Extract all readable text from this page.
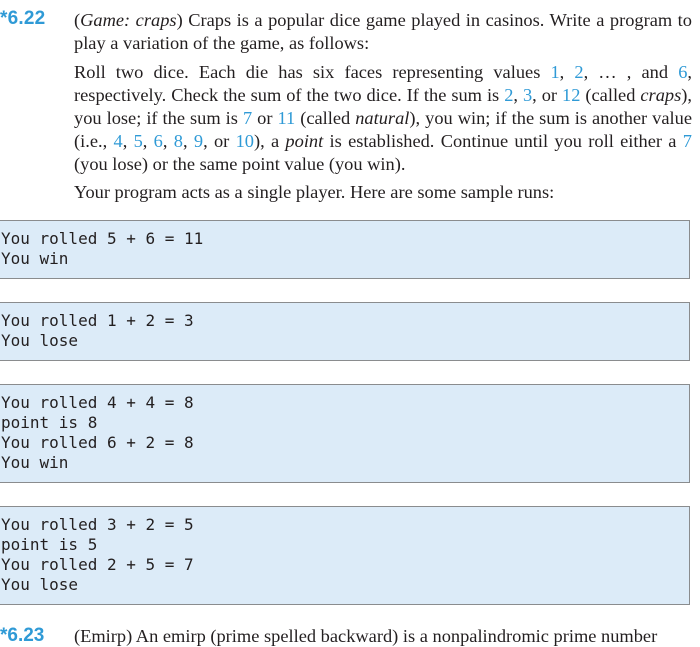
*6.22 (Game: craps) Craps is a popular dice game played in casinos. Write a program to play a variation of the game, as follows:

Roll two dice. Each die has six faces representing values 1, 2, … , and 6, respectively. Check the sum of the two dice. If the sum is 2, 3, or 12 (called craps), you lose; if the sum is 7 or 11 (called natural), you win; if the sum is another value (i.e., 4, 5, 6, 8, 9, or 10), a point is established. Continue until you roll either a 7 (you lose) or the same point value (you win).

Your program acts as a single player. Here are some sample runs:

You rolled 5 + 6 = 11
You win
You rolled 1 + 2 = 3
You lose
You rolled 4 + 4 = 8
point is 8
You rolled 6 + 2 = 8
You win
You rolled 3 + 2 = 5
point is 5
You rolled 2 + 5 = 7
You lose
*6.23 (Emirp) An emirp (prime spelled backward) is a nonpalindromic prime number
